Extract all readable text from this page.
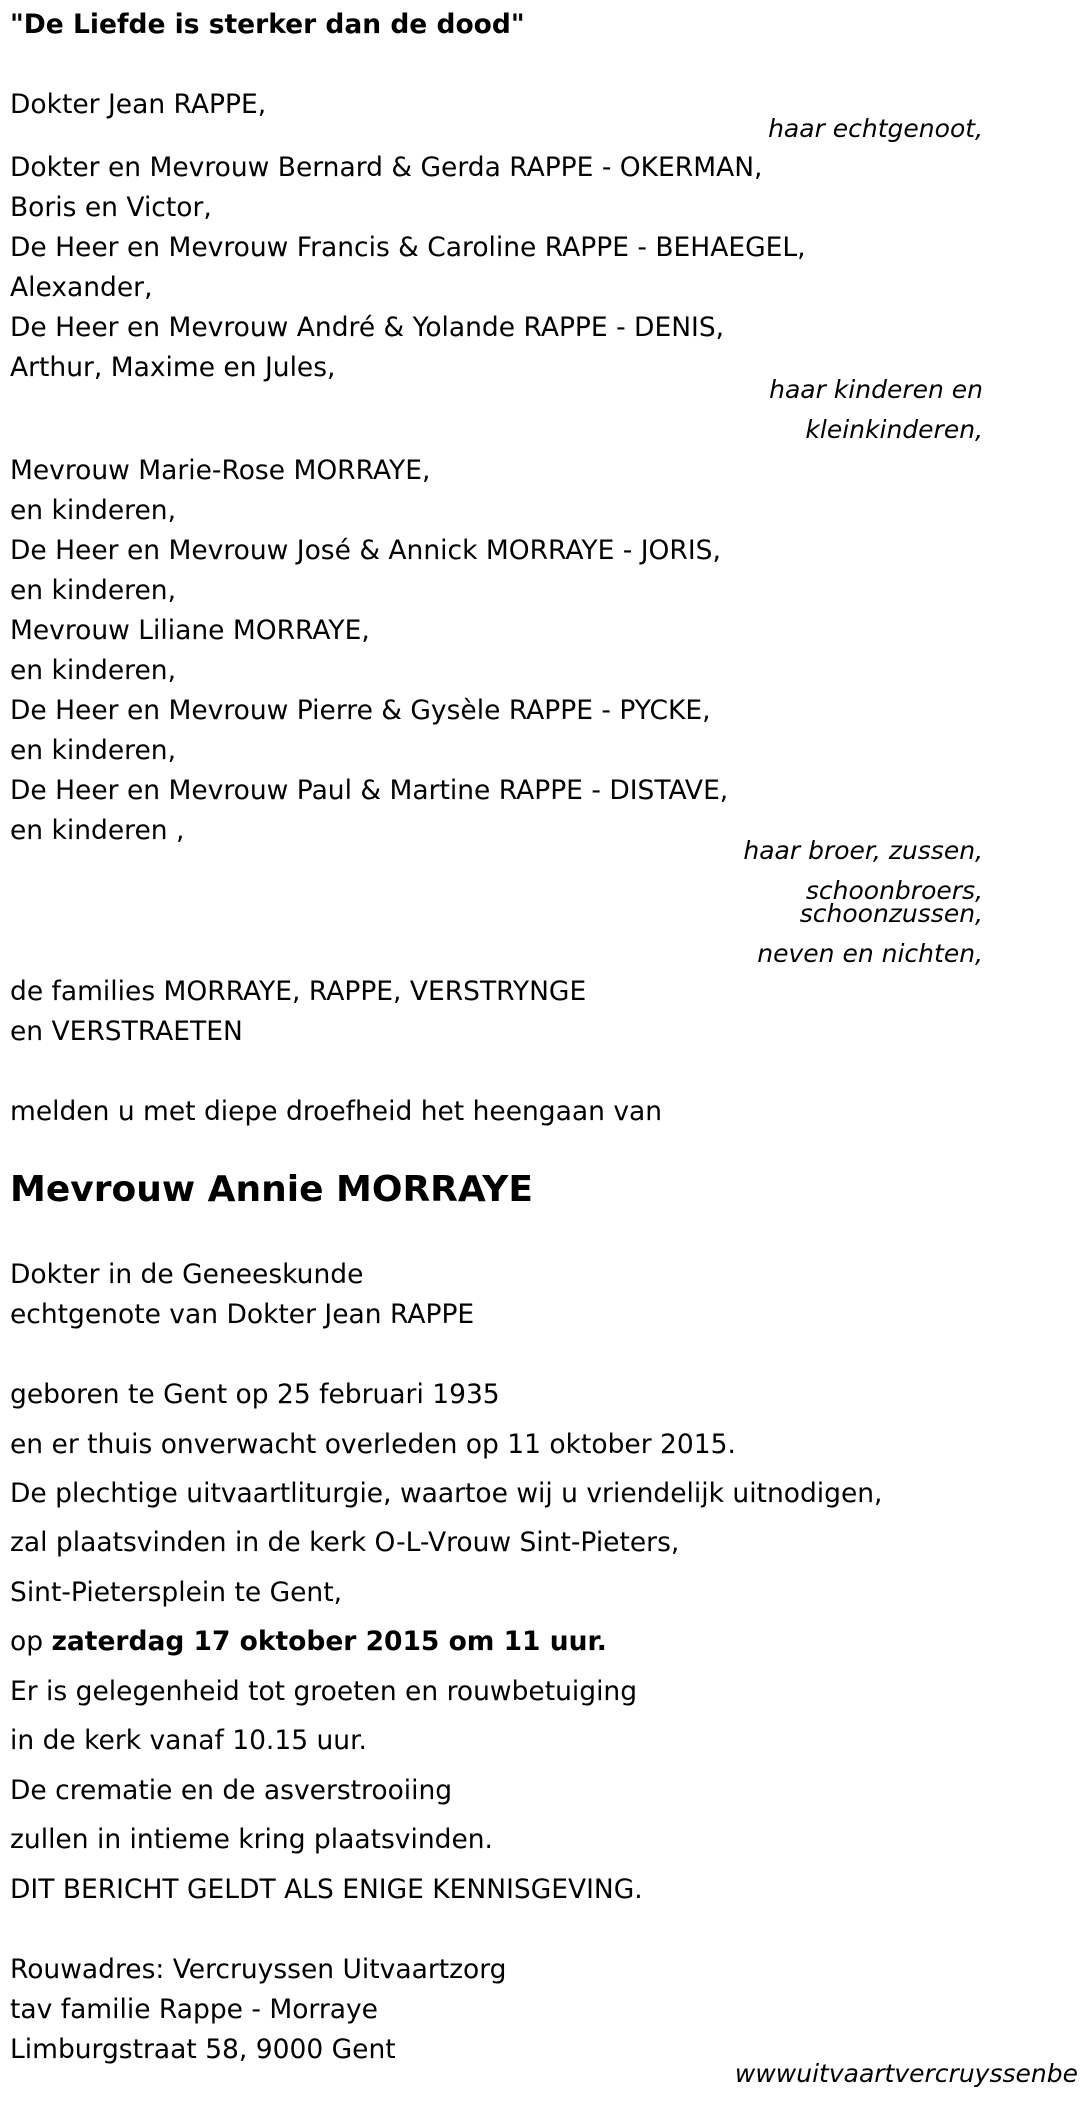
"De Liefde is sterker dan de dood"
Dokter Jean RAPPE,
haar echtgenoot,
Dokter en Mevrouw Bernard & Gerda RAPPE - OKERMAN,
Boris en Victor,
De Heer en Mevrouw Francis & Caroline RAPPE - BEHAEGEL,
Alexander,
De Heer en Mevrouw André & Yolande RAPPE - DENIS,
Arthur, Maxime en Jules,
haar kinderen en
kleinkinderen,
Mevrouw Marie-Rose MORRAYE,
en kinderen,
De Heer en Mevrouw José & Annick MORRAYE - JORIS,
en kinderen,
Mevrouw Liliane MORRAYE,
en kinderen,
De Heer en Mevrouw Pierre & Gysèle RAPPE - PYCKE,
en kinderen,
De Heer en Mevrouw Paul & Martine RAPPE - DISTAVE,
en kinderen ,
haar broer, zussen,
schoonbroers,
schoonzussen,
neven en nichten,
de families MORRAYE, RAPPE, VERSTRYNGE
en VERSTRAETEN
melden u met diepe droefheid het heengaan van
Mevrouw Annie MORRAYE
Dokter in de Geneeskunde
echtgenote van Dokter Jean RAPPE
geboren te Gent op 25 februari 1935
en er thuis onverwacht overleden op 11 oktober 2015.
De plechtige uitvaartliturgie, waartoe wij u vriendelijk uitnodigen,
zal plaatsvinden in de kerk O-L-Vrouw Sint-Pieters,
Sint-Pietersplein te Gent,
op zaterdag 17 oktober 2015 om 11 uur.
Er is gelegenheid tot groeten en rouwbetuiging
in de kerk vanaf 10.15 uur.
De crematie en de asverstrooiing
zullen in intieme kring plaatsvinden.
DIT BERICHT GELDT ALS ENIGE KENNISGEVING.
Rouwadres: Vercruyssen Uitvaartzorg
tav familie Rappe - Morraye
Limburgstraat 58, 9000 Gent
wwwuitvaartvercruyssenbe
